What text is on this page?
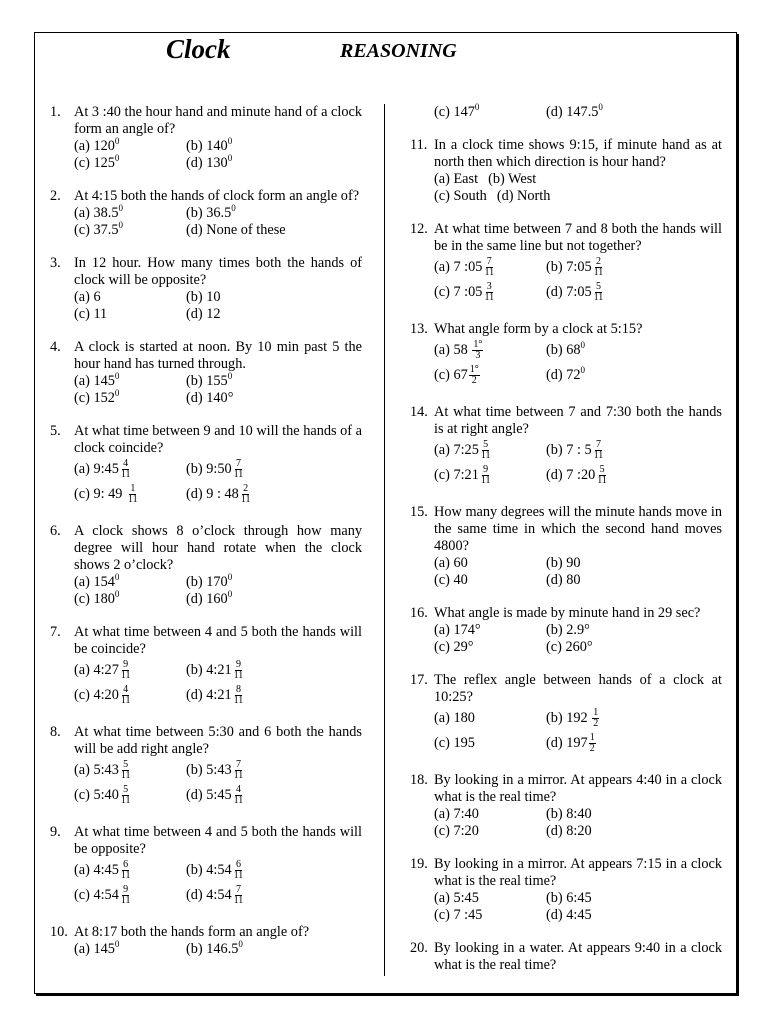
Clock	REASONING
1. At 3 :40 the hour hand and minute hand of a clock form an angle of?
(a) $120^0$	(b) $140^0$
(c) $125^0$	(d) $130^0$
2. At 4:15 both the hands of clock form an angle of?
(a) 38.5$^0$	(b) 36.5$^0$
(c) 37.5$^0$	(d) None of these
3. In 12 hour. How many times both the hands of clock will be opposite?
(a) 6	(b) 10
(c) 11	(d) 12
4. A clock is started at noon. By 10 min past 5 the hour hand has turned through.
(a) $145^0$	(b) $155^0$
(c) $152^0$	(d) 140°
5. At what time between 9 and 10 will the hands of a clock coincide?
(a) 9:45 $\frac{4}{11}$	(b) 9:50 $\frac{7}{11}$
(c) 9: $49 \frac{1}{11}$	(d) 9 : $48 \frac{2}{11}$
6. A clock shows 8 o’clock through how many degree will hour hand rotate when the clock shows 2 o’clock?
(a) $154^0$	(b) $170^0$
(c) $180^0$	(d) $160^0$
7. At what time between 4 and 5 both the hands will be coincide?
(a) 4:27 $\frac{9}{11}$	(b) 4:21 $\frac{9}{11}$
(c) 4:20 $\frac{4}{11}$	(d) 4:21 $\frac{8}{11}$
8. At what time between 5:30 and 6 both the hands will be add right angle?
(a) 5:43 $\frac{5}{11}$	(b) 5:43 $\frac{7}{11}$
(c) 5:40 $\frac{5}{11}$	(d) 5:45 $\frac{4}{11}$
9. At what time between 4 and 5 both the hands will be opposite?
(a) 4:45 $\frac{6}{11}$	(b) 4:54 $\frac{6}{11}$
(c) 4:54 $\frac{9}{11}$	(d) 4:54 $\frac{7}{11}$
10. At 8:17 both the hands form an angle of?
(a) $145^0$	(b) 146.5$^0$
(c) $147^0$	(d) 147.5$^0$
11. In a clock time shows 9:15, if minute hand as at north then which direction is hour hand?
(a) East (b) West
(c) South (d) North
12. At what time between 7 and 8 both the hands will be in the same line but not together?
(a) 7 :05 $\frac{7}{11}$	(b) 7:05 $\frac{2}{11}$
(c) 7 :05 $\frac{3}{11}$	(d) 7:05 $\frac{5}{11}$
13. What angle form by a clock at 5:15?
(a) $58 \frac{1^\circ}{3}$	(b) $68^0$
(c) $67 \frac{1^\circ}{2}$	(d) $72^0$
14. At what time between 7 and 7:30 both the hands is at right angle?
(a) 7:25 $\frac{5}{11}$	(b) 7 : $5 \frac{7}{11}$
(c) 7:21 $\frac{9}{11}$	(d) 7 :20 $\frac{5}{11}$
15. How many degrees will the minute hands move in the same time in which the second hand moves 4800?
(a) 60	(b) 90
(c) 40	(d) 80
16. What angle is made by minute hand in 29 sec?
(a) 174°	(b) 2.9°
(c) 29°	(c) 260°
17. The reflex angle between hands of a clock at 10:25?
(a) 180	(b) $192 \frac{1}{2}$
(c) 195	(d) $197 \frac{1}{2}$
18. By looking in a mirror. At appears 4:40 in a clock what is the real time?
(a) 7:40	(b) 8:40
(c) 7:20	(d) 8:20
19. By looking in a mirror. At appears 7:15 in a clock what is the real time?
(a) 5:45	(b) 6:45
(c) 7 :45	(d) 4:45
20. By looking in a water. At appears 9:40 in a clock what is the real time?
